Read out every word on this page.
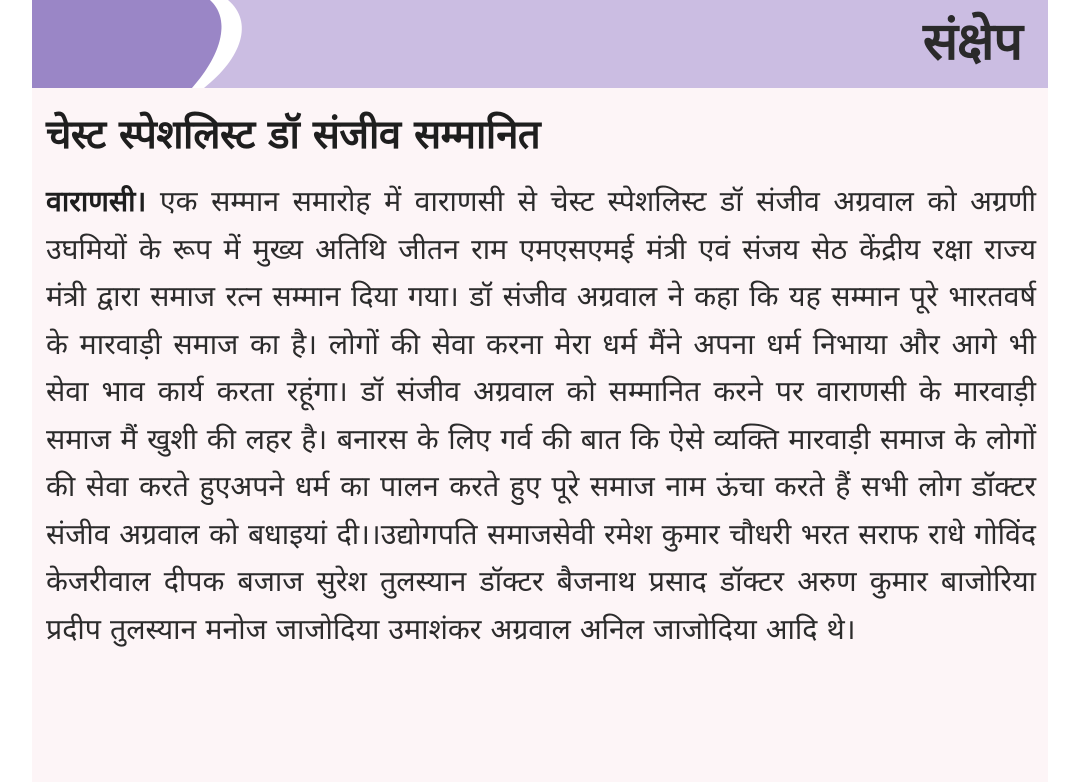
संक्षेप
चेस्ट स्पेशलिस्ट डॉ संजीव सम्मानित

वाराणसी। एक सम्मान समारोह में वाराणसी से चेस्ट स्पेशलिस्ट डॉ संजीव अग्रवाल को अग्रणी उघमियों के रूप में मुख्य अतिथि जीतन राम एमएसएमई मंत्री एवं संजय सेठ केंद्रीय रक्षा राज्य मंत्री द्वारा समाज रत्न सम्मान दिया गया। डॉ संजीव अग्रवाल ने कहा कि यह सम्मान पूरे भारतवर्ष के मारवाड़ी समाज का है। लोगों की सेवा करना मेरा धर्म मैंने अपना धर्म निभाया और आगे भी सेवा भाव कार्य करता रहूंगा। डॉ संजीव अग्रवाल को सम्मानित करने पर वाराणसी के मारवाड़ी समाज मैं खुशी की लहर है। बनारस के लिए गर्व की बात कि ऐसे व्यक्ति मारवाड़ी समाज के लोगों की सेवा करते हुएअपने धर्म का पालन करते हुए पूरे समाज नाम ऊंचा करते हैं सभी लोग डॉक्टर संजीव अग्रवाल को बधाइयां दी।।उद्योगपति समाजसेवी रमेश कुमार चौधरी भरत सराफ राधे गोविंद केजरीवाल दीपक बजाज सुरेश तुलस्यान डॉक्टर बैजनाथ प्रसाद डॉक्टर अरुण कुमार बाजोरिया प्रदीप तुलस्यान मनोज जाजोदिया उमाशंकर अग्रवाल अनिल जाजोदिया आदि थे।
